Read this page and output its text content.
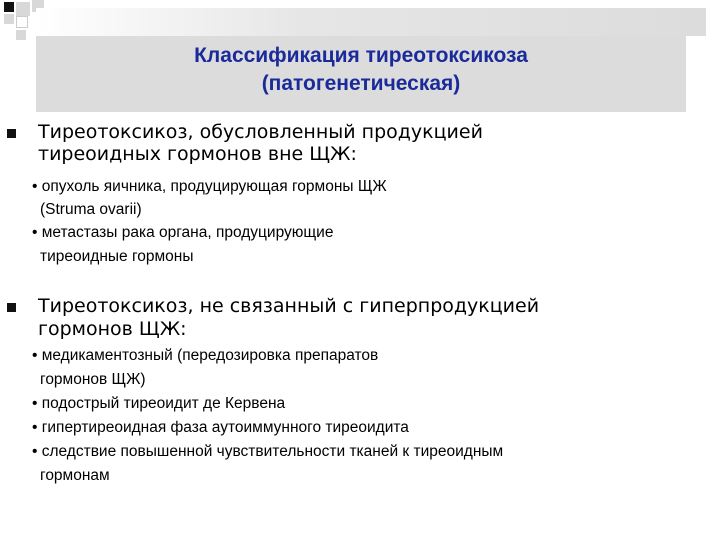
Классификация тиреотоксикоза
(патогенетическая)
Тиреотоксикоз, обусловленный продукцией
тиреоидных гормонов вне ЩЖ:
• опухоль яичника, продуцирующая гормоны ЩЖ
(Struma ovarii)
• метастазы рака органа, продуцирующие
тиреоидные гормоны
Тиреотоксикоз, не связанный с гиперпродукцией
гормонов ЩЖ:
• медикаментозный (передозировка препаратов
гормонов ЩЖ)
• подострый тиреоидит де Кервена
• гипертиреоидная фаза аутоиммунного тиреоидита
• следствие повышенной чувствительности тканей к тиреоидным
гормонам
